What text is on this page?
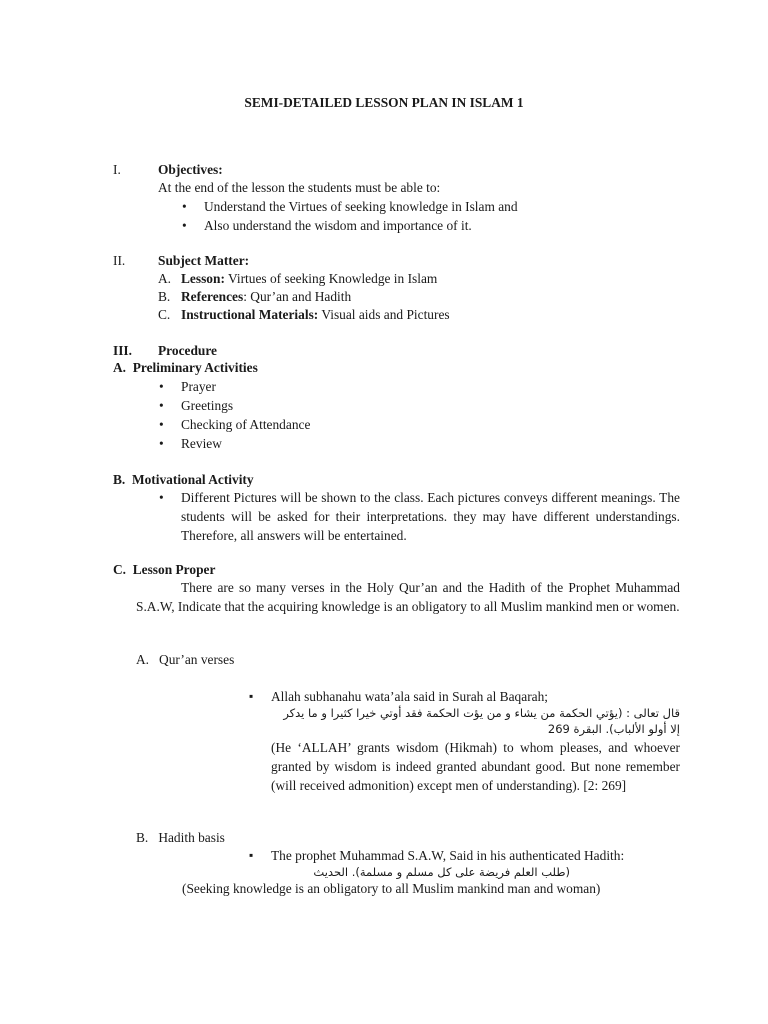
SEMI-DETAILED LESSON PLAN IN ISLAM 1
I.	Objectives:
At the end of the lesson the students must be able to:
• Understand the Virtues of seeking knowledge in Islam and
• Also understand the wisdom and importance of it.
II. Subject Matter:
A. Lesson: Virtues of seeking Knowledge in Islam
B. References: Qur’an and Hadith
C. Instructional Materials: Visual aids and Pictures
III. Procedure
A.  Preliminary Activities
• Prayer
• Greetings
• Checking of Attendance
• Review
B.  Motivational Activity
• Different Pictures will be shown to the class. Each pictures conveys different meanings. The students will be asked for their interpretations. they may have different understandings. Therefore, all answers will be entertained.
C.  Lesson Proper
There are so many verses in the Holy Qur’an and the Hadith of the Prophet Muhammad S.A.W, Indicate that the acquiring knowledge is an obligatory to all Muslim mankind men or women.
A.   Qur’an verses
▪ Allah subhanahu wata’ala said in Surah al Baqarah;
قال تعالى : (يؤتي الحكمة من يشاء و من يؤت الحكمة فقد أوتي خيرا كثيرا و ما يدكر
إلا أولو الألباب). البقرة 269
(He ‘ALLAH’ grants wisdom (Hikmah) to whom pleases, and whoever granted by wisdom is indeed granted abundant good. But none remember (will received admonition) except men of understanding). [2: 269]
B.   Hadith basis
▪ The prophet Muhammad S.A.W, Said in his authenticated Hadith:
(طلب العلم فريضة على كل مسلم و مسلمة). الحديث
(Seeking knowledge is an obligatory to all Muslim mankind man and woman)
